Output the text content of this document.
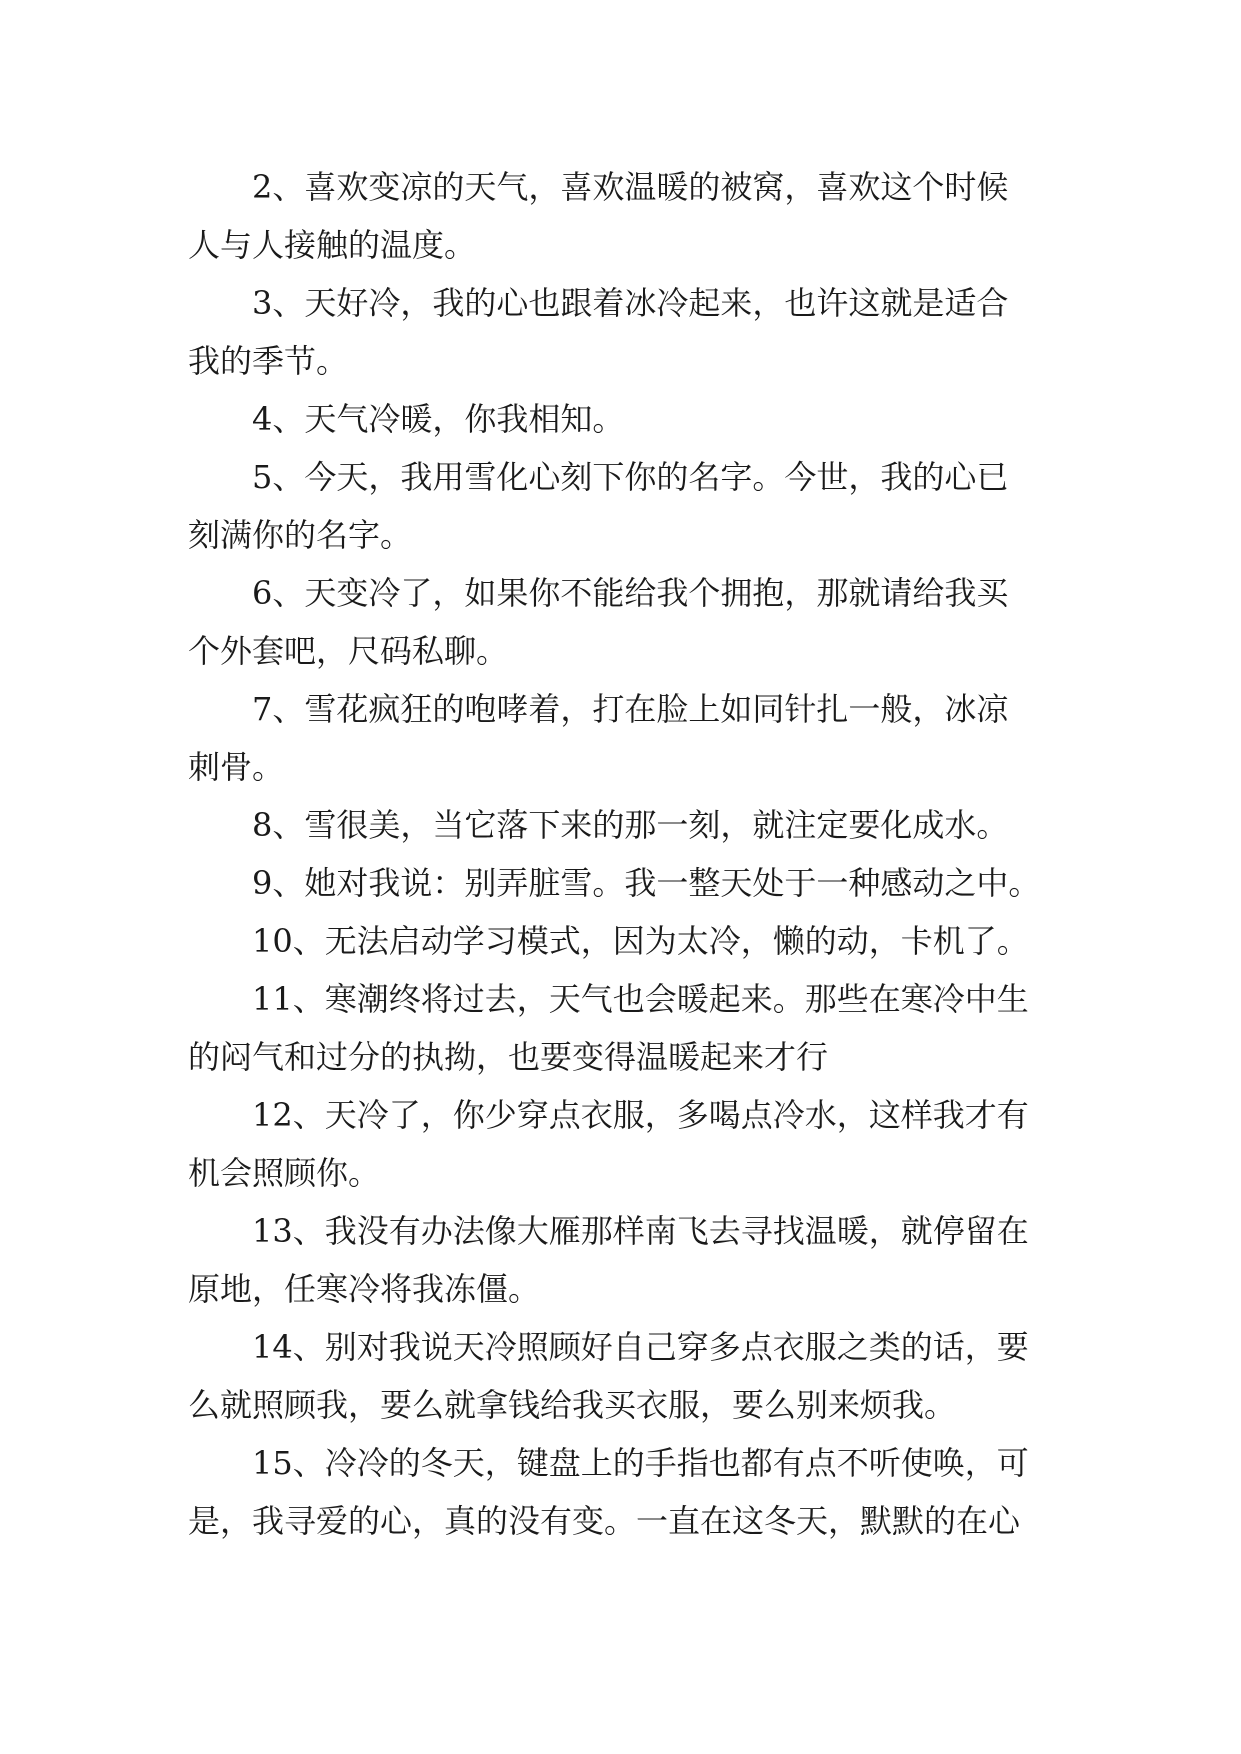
2、喜欢变凉的天气，喜欢温暖的被窝，喜欢这个时候
人与人接触的温度。
3、天好冷，我的心也跟着冰冷起来，也许这就是适合
我的季节。
4、天气冷暖，你我相知。
5、今天，我用雪化心刻下你的名字。今世，我的心已
刻满你的名字。
6、天变冷了，如果你不能给我个拥抱，那就请给我买
个外套吧，尺码私聊。
7、雪花疯狂的咆哮着，打在脸上如同针扎一般，冰凉
刺骨。
8、雪很美，当它落下来的那一刻，就注定要化成水。
9、她对我说：别弄脏雪。我一整天处于一种感动之中。
10、无法启动学习模式，因为太冷，懒的动，卡机了。
11、寒潮终将过去，天气也会暖起来。那些在寒冷中生
的闷气和过分的执拗，也要变得温暖起来才行
12、天冷了，你少穿点衣服，多喝点冷水，这样我才有
机会照顾你。
13、我没有办法像大雁那样南飞去寻找温暖，就停留在
原地，任寒冷将我冻僵。
14、别对我说天冷照顾好自己穿多点衣服之类的话，要
么就照顾我，要么就拿钱给我买衣服，要么别来烦我。
15、冷冷的冬天，键盘上的手指也都有点不听使唤，可
是，我寻爱的心，真的没有变。一直在这冬天，默默的在心
